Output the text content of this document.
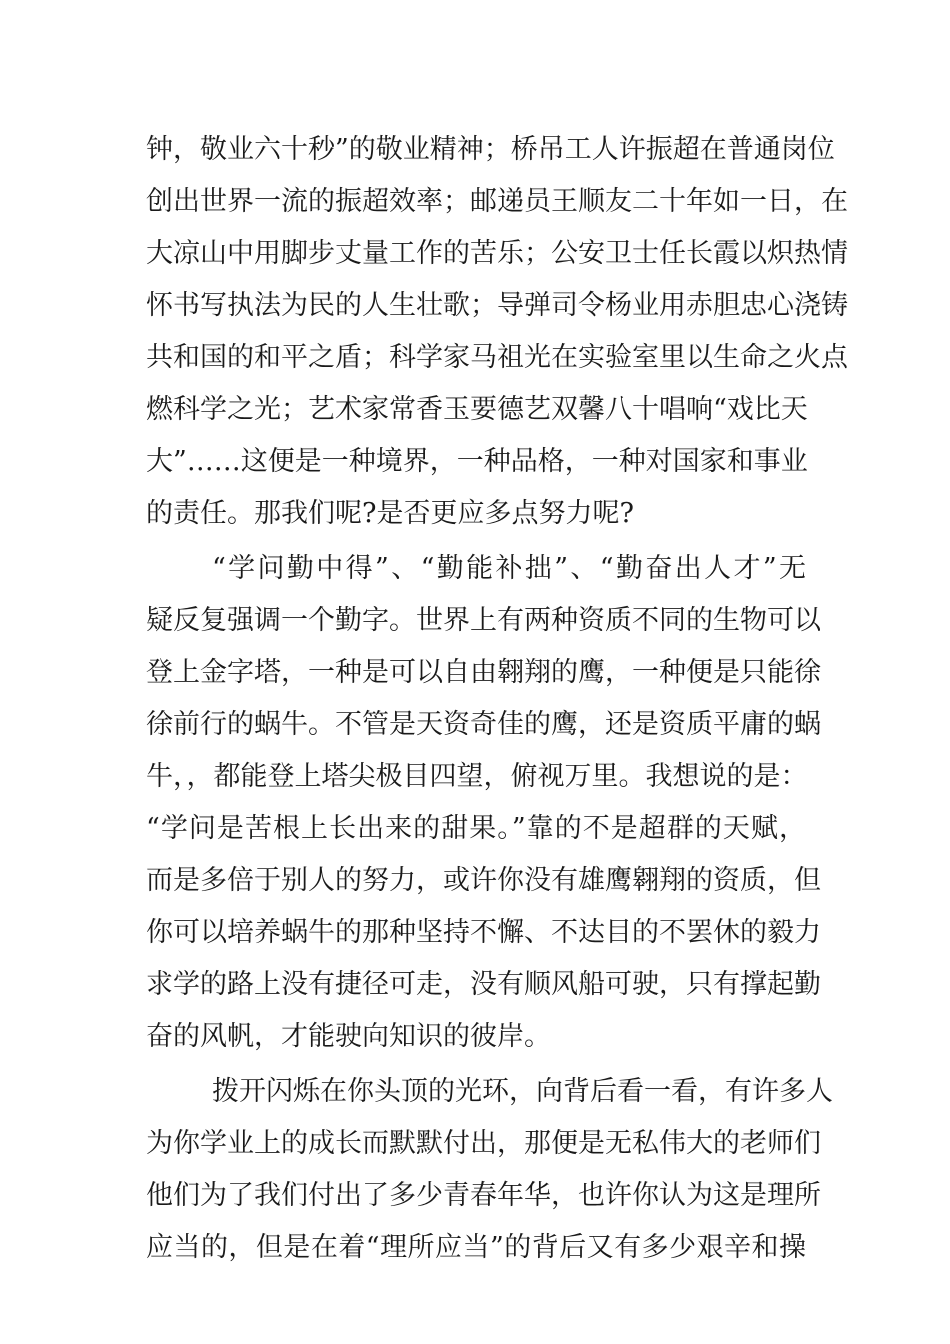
钟，敬业六十秒”的敬业精神；桥吊工人许振超在普通岗位
创出世界一流的振超效率；邮递员王顺友二十年如一日，在
大凉山中用脚步丈量工作的苦乐；公安卫士任长霞以炽热情
怀书写执法为民的人生壮歌；导弹司令杨业用赤胆忠心浇铸
共和国的和平之盾；科学家马祖光在实验室里以生命之火点
燃科学之光；艺术家常香玉要德艺双馨八十唱响“戏比天
大”……这便是一种境界，一种品格，一种对国家和事业
的责任。那我们呢?是否更应多点努力呢?
“学问勤中得”、“勤能补拙”、“勤奋出人才”无
疑反复强调一个勤字。世界上有两种资质不同的生物可以
登上金字塔，一种是可以自由翱翔的鹰，一种便是只能徐
徐前行的蜗牛。不管是天资奇佳的鹰，还是资质平庸的蜗
牛，，都能登上塔尖极目四望，俯视万里。我想说的是：
“学问是苦根上长出来的甜果。”靠的不是超群的天赋，
而是多倍于别人的努力，或许你没有雄鹰翱翔的资质，但
你可以培养蜗牛的那种坚持不懈、不达目的不罢休的毅力
求学的路上没有捷径可走，没有顺风船可驶，只有撑起勤
奋的风帆，才能驶向知识的彼岸。
拨开闪烁在你头顶的光环，向背后看一看，有许多人
为你学业上的成长而默默付出，那便是无私伟大的老师们
他们为了我们付出了多少青春年华，也许你认为这是理所
应当的，但是在着“理所应当”的背后又有多少艰辛和操
